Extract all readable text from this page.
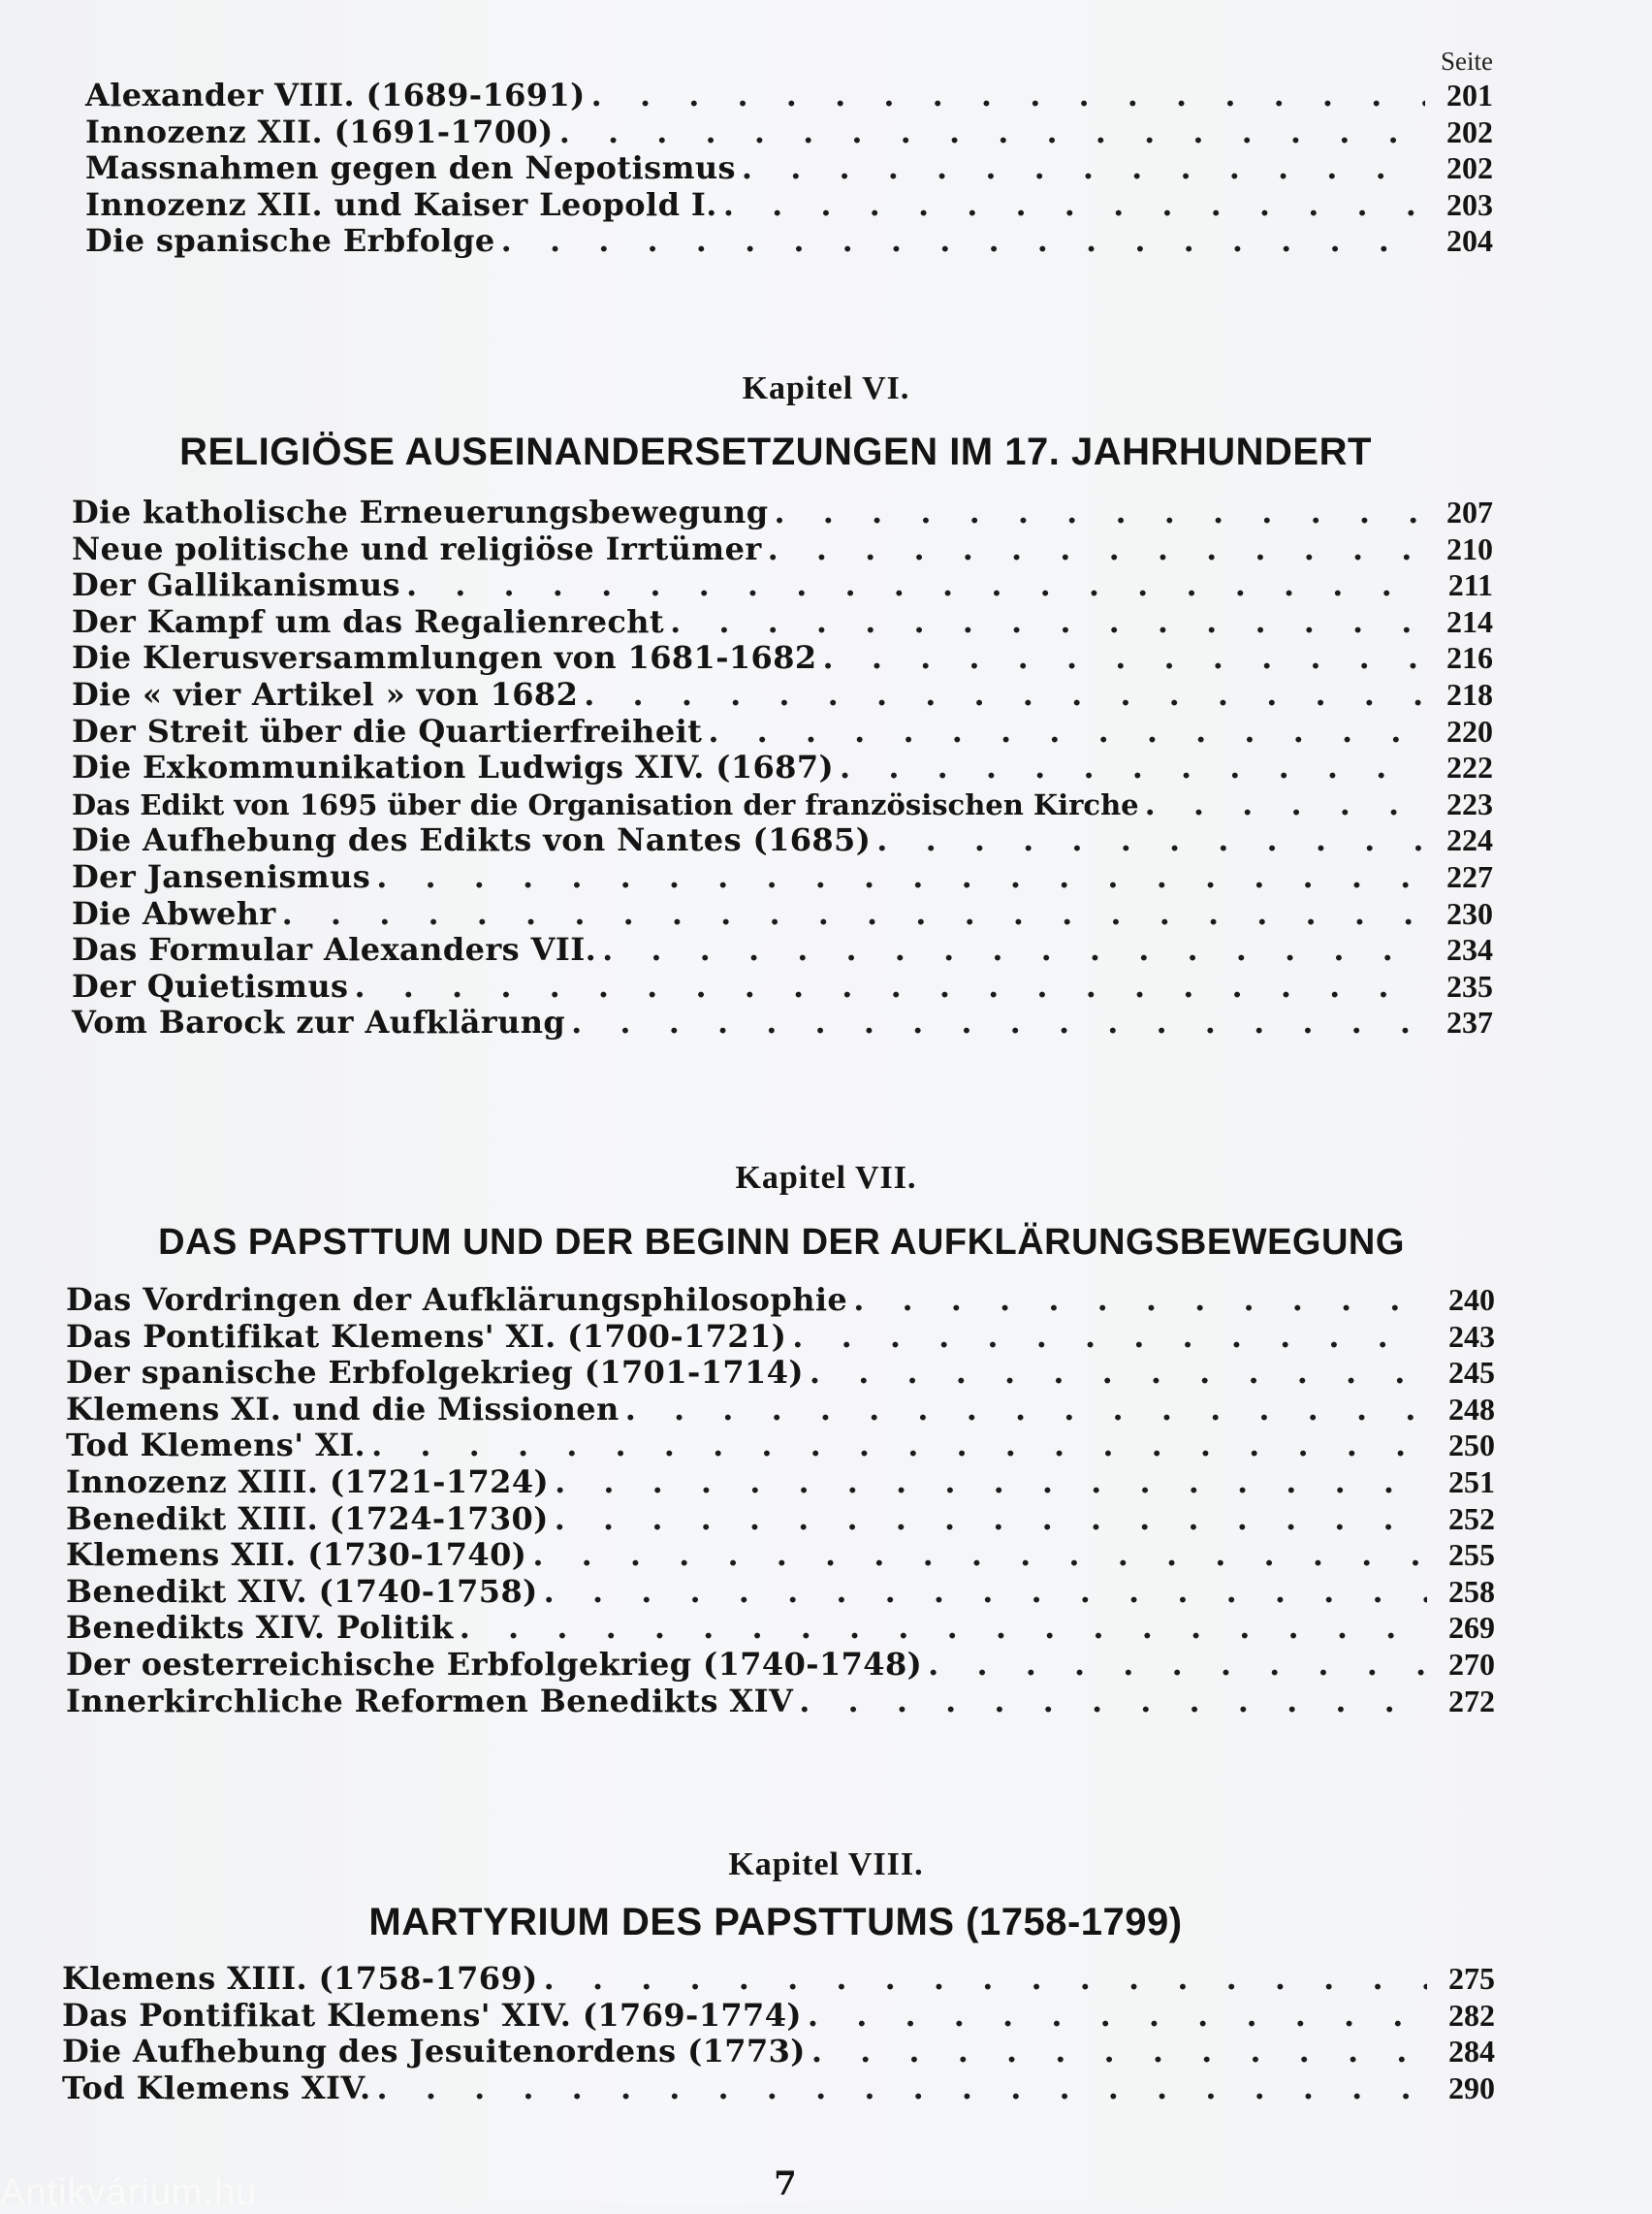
Seite
Alexander VIII. (1689-1691) . . .	201
Innozenz XII. (1691-1700) . . .	202
Massnahmen gegen den Nepotismus . . .	202
Innozenz XII. und Kaiser Leopold I. . . .	203
Die spanische Erbfolge . . .	204
Kapitel VI.
RELIGIÖSE AUSEINANDERSETZUNGEN IM 17. JAHRHUNDERT
Die katholische Erneuerungsbewegung . . .	207
Neue politische und religiöse Irrtümer . . .	210
Der Gallikanismus . . .	211
Der Kampf um das Regalienrecht . . .	214
Die Klerusversammlungen von 1681-1682 . . .	216
Die « vier Artikel » von 1682 . . .	218
Der Streit über die Quartierfreiheit . . .	220
Die Exkommunikation Ludwigs XIV. (1687) . . .	222
Das Edikt von 1695 über die Organisation der französischen Kirche . . .	223
Die Aufhebung des Edikts von Nantes (1685) . . .	224
Der Jansenismus . . .	227
Die Abwehr . . .	230
Das Formular Alexanders VII. . . .	234
Der Quietismus . . .	235
Vom Barock zur Aufklärung . . .	237
Kapitel VII.
DAS PAPSTTUM UND DER BEGINN DER AUFKLÄRUNGSBEWEGUNG
Das Vordringen der Aufklärungsphilosophie . . .	240
Das Pontifikat Klemens' XI. (1700-1721) . . .	243
Der spanische Erbfolgekrieg (1701-1714) . . .	245
Klemens XI. und die Missionen . . .	248
Tod Klemens' XI. . . .	250
Innozenz XIII. (1721-1724) . . .	251
Benedikt XIII. (1724-1730) . . .	252
Klemens XII. (1730-1740) . . .	255
Benedikt XIV. (1740-1758) . . .	258
Benedikts XIV. Politik . . .	269
Der oesterreichische Erbfolgekrieg (1740-1748) . . .	270
Innerkirchliche Reformen Benedikts XIV . . .	272
Kapitel VIII.
MARTYRIUM DES PAPSTTUMS (1758-1799)
Klemens XIII. (1758-1769) . . .	275
Das Pontifikat Klemens' XIV. (1769-1774) . . .	282
Die Aufhebung des Jesuitenordens (1773) . . .	284
Tod Klemens XIV. . . .	290
7
Antikvárium.hu
